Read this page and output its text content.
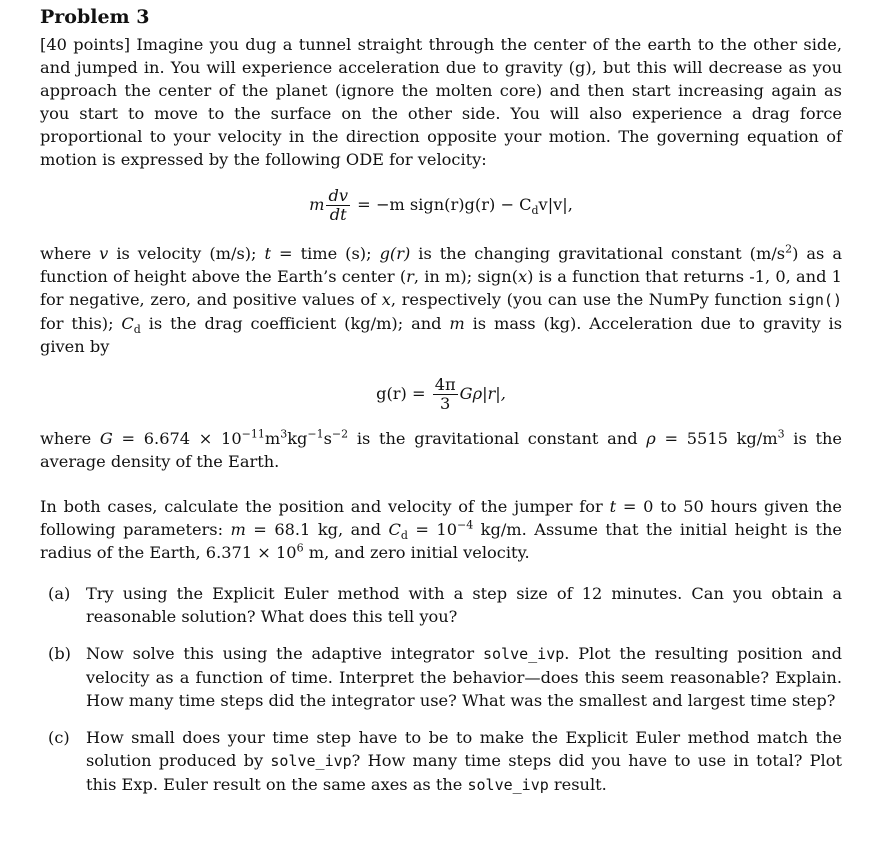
Problem 3

[40 points] Imagine you dug a tunnel straight through the center of the earth to the other side, and jumped in. You will experience acceleration due to gravity (g), but this will decrease as you approach the center of the planet (ignore the molten core) and then start increasing again as you start to move to the surface on the other side. You will also experience a drag force proportional to your velocity in the direction opposite your motion. The governing equation of motion is expressed by the following ODE for velocity:

m $\frac{dv}{dt} = -m$ sign(r)g(r) − $C_dv|v|$,

where v is velocity (m/s); t = time (s); g(r) is the changing gravitational constant $(m/s^2)$ as a function of height above the Earth’s center (r, in m); sign(x) is a function that returns -1, 0, and 1 for negative, zero, and positive values of x, respectively (you can use the NumPy function sign() for this); $C_d$ is the drag coefficient (kg/m); and m is mass (kg). Acceleration due to gravity is given by

$g(r) = \frac{4\pi}{3} G\rho|r|$,

where $G = 6.674 \times 10^{-11}m^3kg^{-1}s^{-2}$ is the gravitational constant and ρ = 5515 $kg/m^3$ is the average density of the Earth.

In both cases, calculate the position and velocity of the jumper for t = 0 to 50 hours given the following parameters: m = 68.1 kg, and $C_d = 10^{-4}$ kg/m. Assume that the initial height is the radius of the Earth, $6.371 \times 10^6$ m, and zero initial velocity.

(a) Try using the Explicit Euler method with a step size of 12 minutes. Can you obtain a reasonable solution? What does this tell you?
(b) Now solve this using the adaptive integrator solve_ivp. Plot the resulting position and velocity as a function of time. Interpret the behavior—does this seem reasonable? Explain. How many time steps did the integrator use? What was the smallest and largest time step?
(c)	How small does your time step have to be to make the Explicit Euler method match the solution produced by solve_ivp? How many time steps did you have to use in total? Plot this Exp. Euler result on the same axes as the solve_ivp result.
